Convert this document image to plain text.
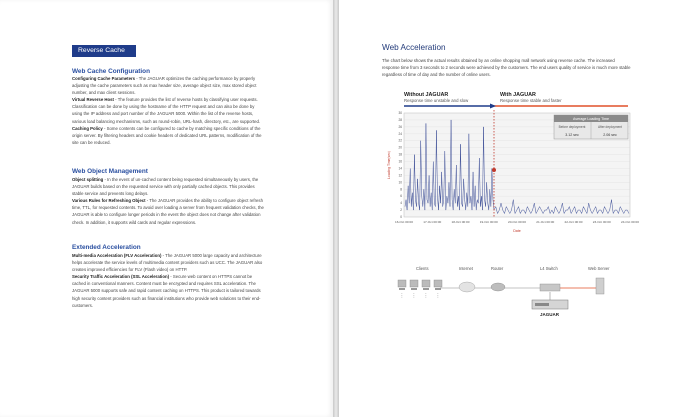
Reverse Cache
Web Cache Configuration

Configuring Cache Parameters - The JAGUAR optimizes the caching performance by properly adjusting the cache parameters such as max header size, average object size, max stored object number, and max client sessions.

Virtual Reverse Host - The feature provides the list of reverse hosts by classifying user requests. Classification can be done by using the hostname of the HTTP request and can also be done by using the IP address and port number of the JAGUAR 5000. Within the list of the reverse hosts, various load balancing mechanisms, such as round-robin, URL-hash, directory, etc., are supported.

Caching Policy - Some contents can be configured to cache by matching specific conditions of the origin server. By filtering headers and cookie headers of dedicated URL patterns, modification of the site can be reduced.

Web Object Management

Object splitting - In the event of un-cached content being requested simultaneously by users, the JAGUAR builds based on the requested service with only partially cached objects. This provides stable service and prevents long delays.

Various Rules for Refreshing Object - The JAGUAR provides the ability to configure object refresh time, TTL, for requested contents. To avoid over loading a server from frequent validation checks, the JAGUAR is able to configure longer periods in the event the object does not change after validation check. In addition, it supports wild cards and regular expressions.

Extended Acceleration

Multi-media Acceleration (FLV Acceleration) - The JAGUAR 5000 large capacity and architecture helps accelerate the service levels of multimedia content providers such as UCC. The JAGUAR also creates improved efficiencies for FLV (Flash video) on HTTP.

Security Traffic Acceleration (SSL Acceleration) - Secure web content on HTTPS cannot be cached in conventional manners. Content must be encrypted and requires SSL acceleration. The JAGUAR 5000 supports safe and rapid content caching on HTTPS. This product is tailored towards high security content providers such as financial institutions who provide web solutions to their end-customers.

Web Acceleration
The chart below shows the actual results obtained by an online shopping mall network using reverse cache. The increased response time from 3 seconds to 2 seconds were achieved by the customers. The end users quality of service is much more stable regardless of time of day and the number of online users.
Without JAGUAR
Response time unstable and slow
With JAGUAR
Response time stable and faster
30
28
26
24
22
20
18
16
14
12
10
8
6
4
2
0
16-Oct 00:00	17-Oct 00:00	18-Oct 00:00	19-Oct 00:00	20-Oct 00:00	21-Oct 00:00	22-Oct 00:00	23-Oct 00:00	24-Oct 00:00
Loading Time(sec)
Date
Average Loading Time
Before deployment	After deployment
3.12 sec	2.06 sec
⋮ ⋮ ⋮ ⋮
Clients	Internet	Router	L4 Switch	Web Server
JAGUAR
